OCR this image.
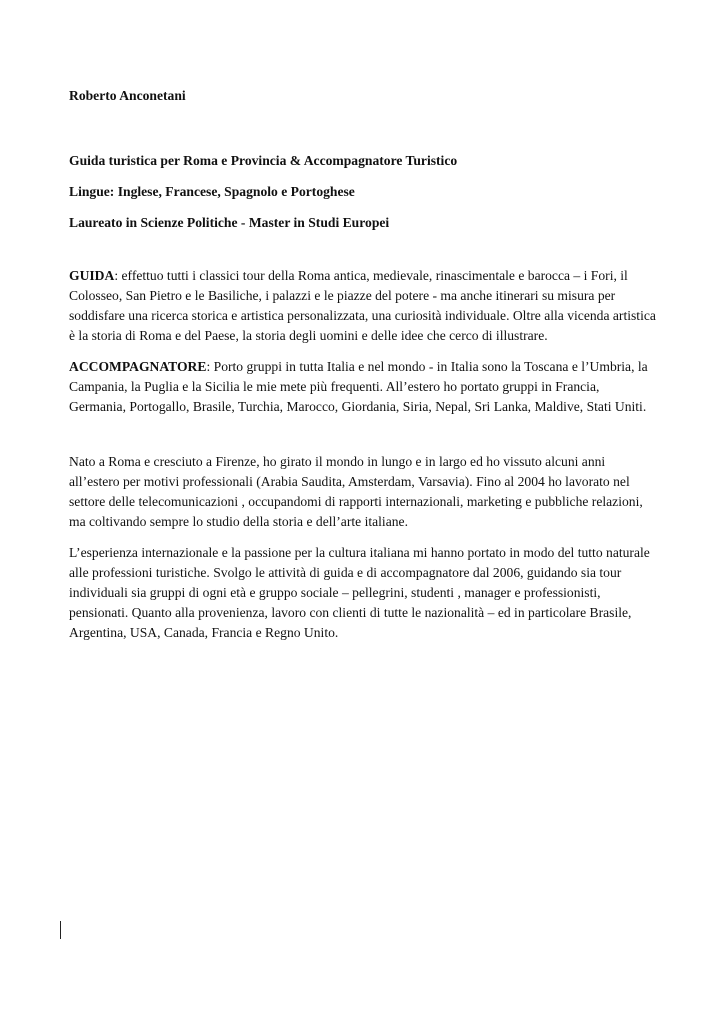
Roberto Anconetani

Guida turistica per Roma e Provincia & Accompagnatore Turistico

Lingue: Inglese, Francese, Spagnolo e Portoghese

Laureato in Scienze Politiche - Master in Studi Europei

GUIDA: effettuo tutti i classici tour della Roma antica, medievale, rinascimentale e barocca – i Fori, il Colosseo, San Pietro e le Basiliche, i palazzi e le piazze del potere - ma anche itinerari su misura per soddisfare una ricerca storica e artistica personalizzata, una curiosità individuale. Oltre alla vicenda artistica è la storia di Roma e del Paese, la storia degli uomini e delle idee che cerco di illustrare.

ACCOMPAGNATORE: Porto gruppi in tutta Italia e nel mondo - in Italia sono la Toscana e l’Umbria, la Campania, la Puglia e la Sicilia le mie mete più frequenti. All’estero ho portato gruppi in Francia, Germania, Portogallo, Brasile, Turchia, Marocco, Giordania, Siria, Nepal, Sri Lanka, Maldive, Stati Uniti.

Nato a Roma e cresciuto a Firenze, ho girato il mondo in lungo e in largo ed ho vissuto alcuni anni all’estero per motivi professionali (Arabia Saudita, Amsterdam, Varsavia). Fino al 2004 ho lavorato nel settore delle telecomunicazioni , occupandomi di rapporti internazionali, marketing e pubbliche relazioni, ma coltivando sempre lo studio della storia e dell’arte italiane.

L’esperienza internazionale e la passione per la cultura italiana mi hanno portato in modo del tutto naturale alle professioni turistiche. Svolgo le attività di guida e di accompagnatore dal 2006, guidando sia tour individuali sia gruppi di ogni età e gruppo sociale – pellegrini, studenti , manager e professionisti, pensionati. Quanto alla provenienza, lavoro con clienti di tutte le nazionalità – ed in particolare Brasile, Argentina, USA, Canada, Francia e Regno Unito.
